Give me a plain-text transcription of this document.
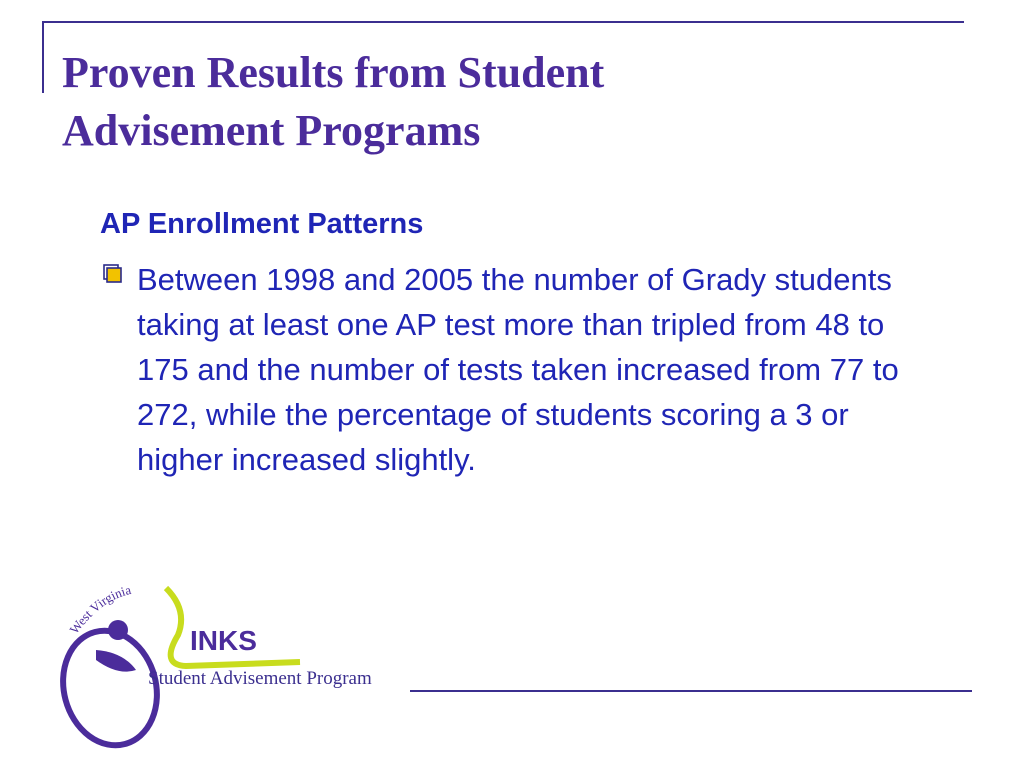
Proven Results from Student
Advisement Programs
AP Enrollment Patterns

Between 1998 and 2005 the number of Grady students taking at least one AP test more than tripled from 48 to 175 and the number of tests taken increased from 77 to 272, while the percentage of students scoring a 3 or higher increased slightly.

West Virginia
INKS

Student Advisement Program
